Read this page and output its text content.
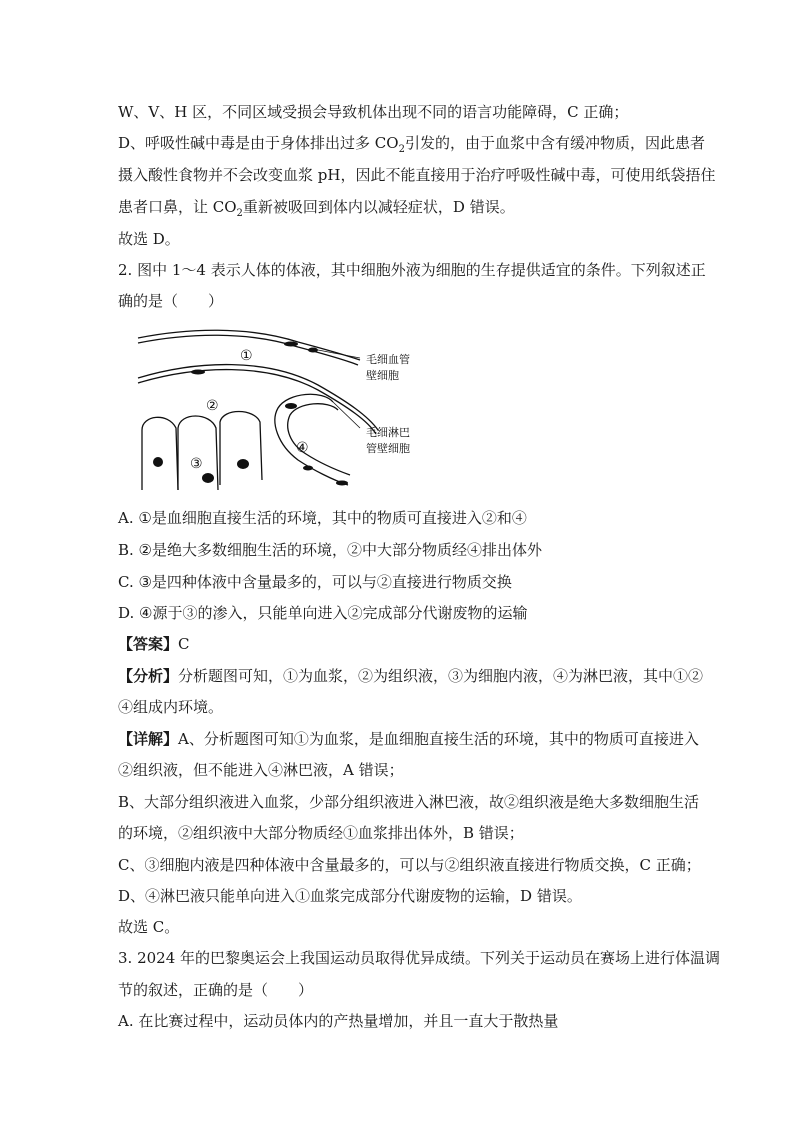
W、V、H 区，不同区域受损会导致机体出现不同的语言功能障碍，C 正确；
D、呼吸性碱中毒是由于身体排出过多 $CO_2$引发的，由于血浆中含有缓冲物质，因此患者
摄入酸性食物并不会改变血浆 pH，因此不能直接用于治疗呼吸性碱中毒，可使用纸袋捂住
患者口鼻，让 $CO_2$重新被吸回到体内以减轻症状，D 错误。
故选 D。
2. 图中 1～4 表示人体的体液，其中细胞外液为细胞的生存提供适宜的条件。下列叙述正
确的是（　　）
①
②
③
④
毛细血管
壁细胞
毛细淋巴
管壁细胞
A. ①是血细胞直接生活的环境，其中的物质可直接进入②和④
B. ②是绝大多数细胞生活的环境，②中大部分物质经④排出体外
C. ③是四种体液中含量最多的，可以与②直接进行物质交换
D. ④源于③的渗入，只能单向进入②完成部分代谢废物的运输
【答案】C
【分析】分析题图可知，①为血浆，②为组织液，③为细胞内液，④为淋巴液，其中①②
④组成内环境。
【详解】A、分析题图可知①为血浆，是血细胞直接生活的环境，其中的物质可直接进入
②组织液，但不能进入④淋巴液，A 错误；
B、大部分组织液进入血浆，少部分组织液进入淋巴液，故②组织液是绝大多数细胞生活
的环境，②组织液中大部分物质经①血浆排出体外，B 错误；
C、③细胞内液是四种体液中含量最多的，可以与②组织液直接进行物质交换，C 正确；
D、④淋巴液只能单向进入①血浆完成部分代谢废物的运输，D 错误。
故选 C。
3. 2024 年的巴黎奥运会上我国运动员取得优异成绩。下列关于运动员在赛场上进行体温调
节的叙述，正确的是（　　）
A. 在比赛过程中，运动员体内的产热量增加，并且一直大于散热量
